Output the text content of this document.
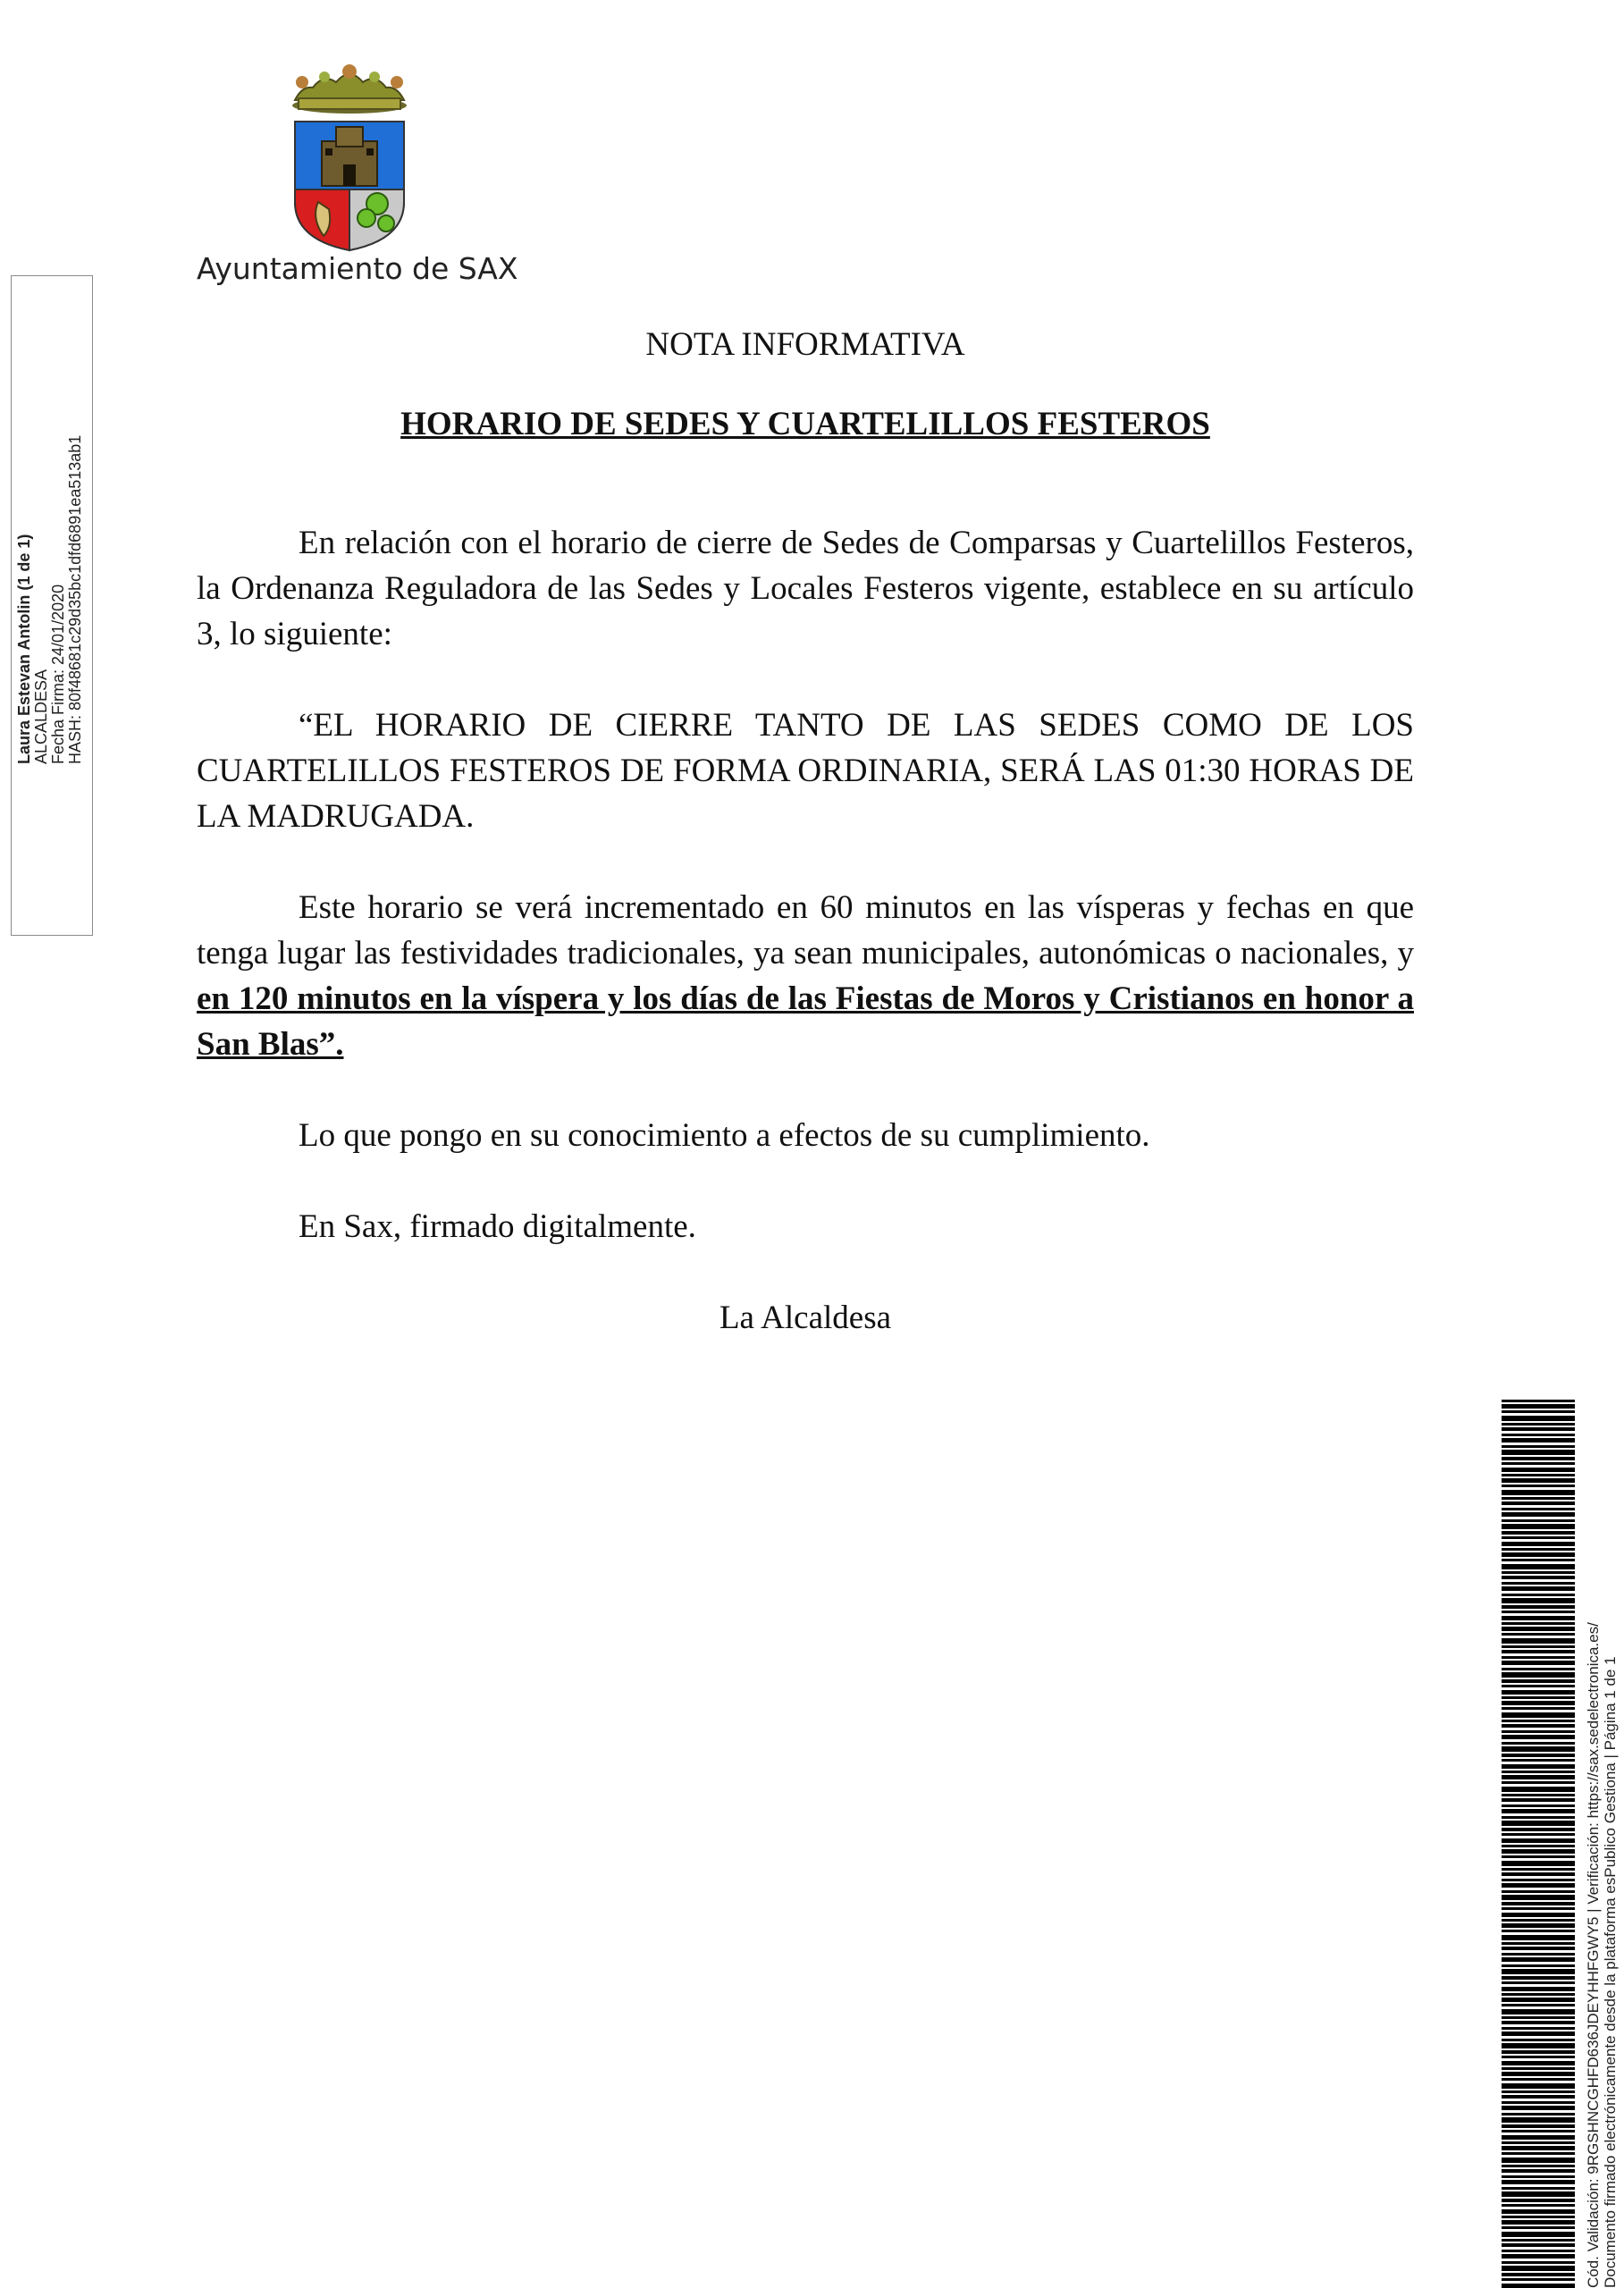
Ayuntamiento de SAX
Laura Estevan Antolin (1 de 1) ALCALDESA Fecha Firma: 24/01/2020 HASH: 80f48681c29d35bc1dfd6891ea513ab1
NOTA INFORMATIVA
HORARIO DE SEDES Y CUARTELILLOS FESTEROS

En relación con el horario de cierre de Sedes de Comparsas y Cuartelillos Festeros, la Ordenanza Reguladora de las Sedes y Locales Festeros vigente, establece en su artículo 3, lo siguiente:

“EL HORARIO DE CIERRE TANTO DE LAS SEDES COMO DE LOS CUARTELILLOS FESTEROS DE FORMA ORDINARIA, SERÁ LAS 01:30 HORAS DE LA MADRUGADA.

Este horario se verá incrementado en 60 minutos en las vísperas y fechas en que tenga lugar las festividades tradicionales, ya sean municipales, autonómicas o nacionales, y en 120 minutos en la víspera y los días de las Fiestas de Moros y Cristianos en honor a San Blas”.

Lo que pongo en su conocimiento a efectos de su cumplimiento.

En Sax, firmado digitalmente.

La Alcaldesa

Cód. Validación: 9RGSHNCGHFD636JDEYHHFGWY5 | Verificación: https://sax.sedelectronica.es/ Documento firmado electrónicamente desde la plataforma esPublico Gestiona | Página 1 de 1
